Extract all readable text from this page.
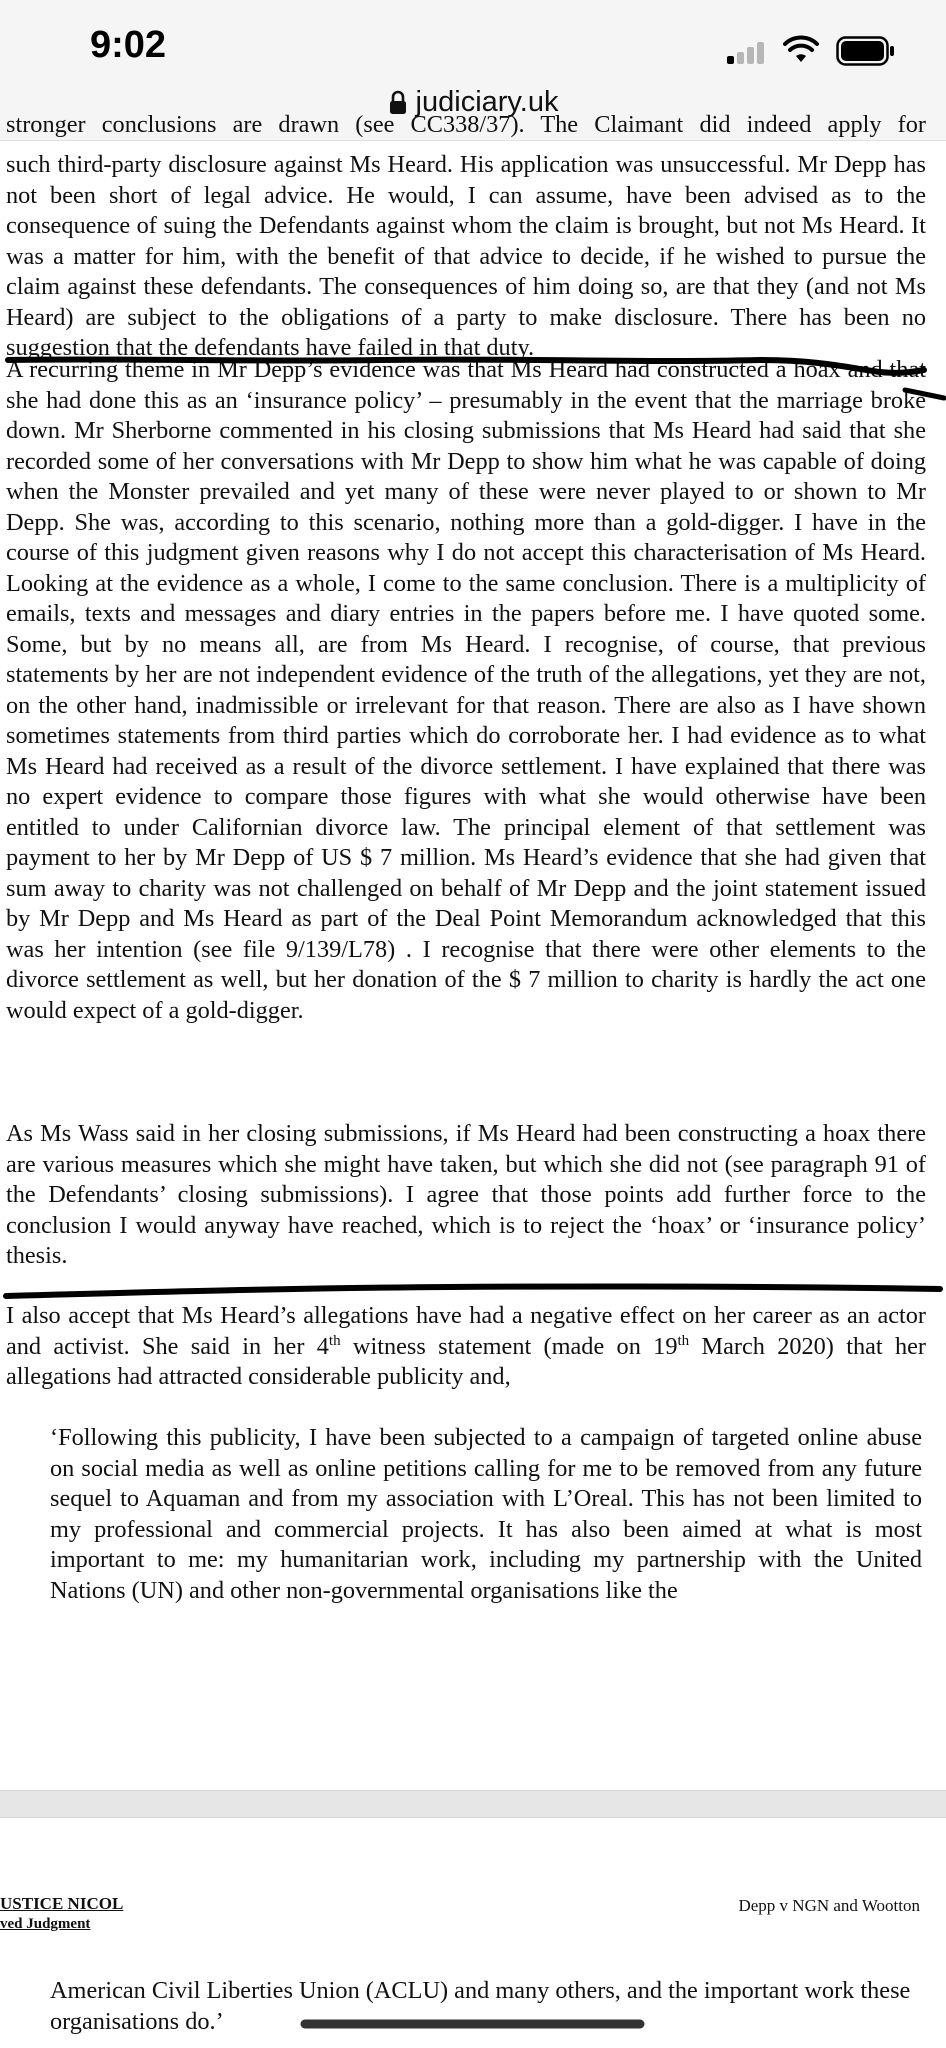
9:02
judiciary.uk
stronger conclusions are drawn (see CC338/37). The Claimant did indeed apply for
such third-party disclosure against Ms Heard. His application was unsuccessful. Mr Depp has not been short of legal advice. He would, I can assume, have been advised as to the consequence of suing the Defendants against whom the claim is brought, but not Ms Heard. It was a matter for him, with the benefit of that advice to decide, if he wished to pursue the claim against these defendants. The consequences of him doing so, are that they (and not Ms Heard) are subject to the obligations of a party to make disclosure. There has been no suggestion that the defendants have failed in that duty.
A recurring theme in Mr Depp’s evidence was that Ms Heard had constructed a hoax and that she had done this as an ‘insurance policy’ – presumably in the event that the marriage broke down. Mr Sherborne commented in his closing submissions that Ms Heard had said that she recorded some of her conversations with Mr Depp to show him what he was capable of doing when the Monster prevailed and yet many of these were never played to or shown to Mr Depp. She was, according to this scenario, nothing more than a gold-digger. I have in the course of this judgment given reasons why I do not accept this characterisation of Ms Heard. Looking at the evidence as a whole, I come to the same conclusion. There is a multiplicity of emails, texts and messages and diary entries in the papers before me. I have quoted some. Some, but by no means all, are from Ms Heard. I recognise, of course, that previous statements by her are not independent evidence of the truth of the allegations, yet they are not, on the other hand, inadmissible or irrelevant for that reason. There are also as I have shown sometimes statements from third parties which do corroborate her. I had evidence as to what Ms Heard had received as a result of the divorce settlement. I have explained that there was no expert evidence to compare those figures with what she would otherwise have been entitled to under Californian divorce law. The principal element of that settlement was payment to her by Mr Depp of US $ 7 million. Ms Heard’s evidence that she had given that sum away to charity was not challenged on behalf of Mr Depp and the joint statement issued by Mr Depp and Ms Heard as part of the Deal Point Memorandum acknowledged that this was her intention (see file 9/139/L78) . I recognise that there were other elements to the divorce settlement as well, but her donation of the $ 7 million to charity is hardly the act one would expect of a gold-digger.
As Ms Wass said in her closing submissions, if Ms Heard had been constructing a hoax there are various measures which she might have taken, but which she did not (see paragraph 91 of the Defendants’ closing submissions). I agree that those points add further force to the conclusion I would anyway have reached, which is to reject the ‘hoax’ or ‘insurance policy’ thesis.
I also accept that Ms Heard’s allegations have had a negative effect on her career as an actor and activist. She said in her 4th witness statement (made on 19th March 2020) that her allegations had attracted considerable publicity and,
‘Following this publicity, I have been subjected to a campaign of targeted online abuse on social media as well as online petitions calling for me to be removed from any future sequel to Aquaman and from my association with L’Oreal. This has not been limited to my professional and commercial projects. It has also been aimed at what is most important to me: my humanitarian work, including my partnership with the United Nations (UN) and other non-governmental organisations like the
USTICE NICOL
ved Judgment
Depp v NGN and Wootton
American Civil Liberties Union (ACLU) and many others, and the important work these organisations do.’
